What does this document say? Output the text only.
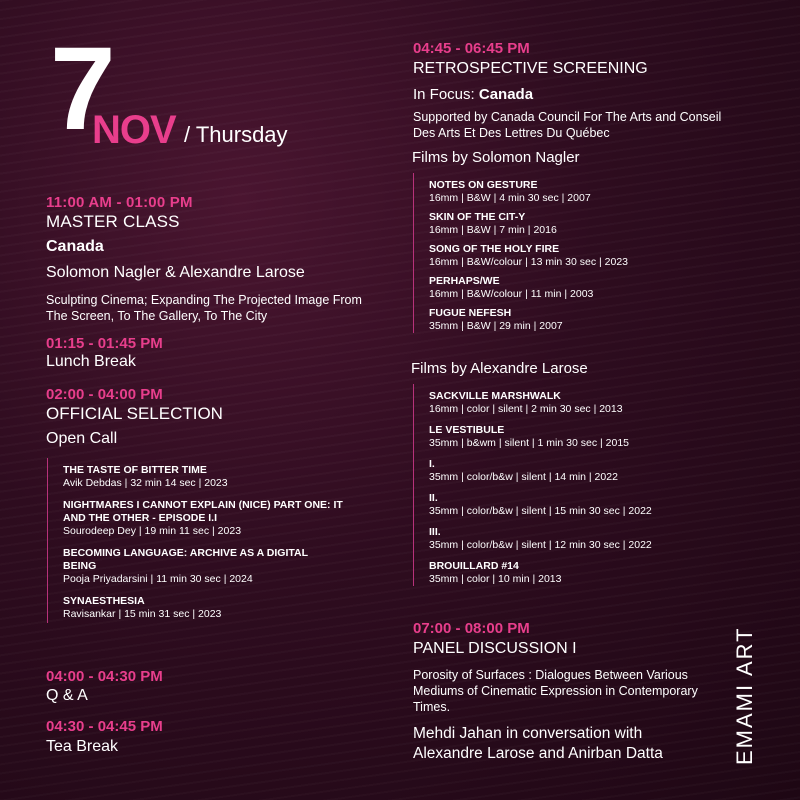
7
NOV / Thursday
11:00 AM - 01:00 PM
MASTER CLASS
Canada
Solomon Nagler & Alexandre Larose
Sculpting Cinema; Expanding The Projected Image From The Screen, To The Gallery, To The City
01:15 - 01:45 PM
Lunch Break
02:00 - 04:00 PM
OFFICIAL SELECTION
Open Call
THE TASTE OF BITTER TIME
Avik Debdas | 32 min 14 sec | 2023
NIGHTMARES I CANNOT EXPLAIN (NICE) PART ONE: IT AND THE OTHER - EPISODE I.I
Sourodeep Dey | 19 min 11 sec | 2023
BECOMING LANGUAGE: ARCHIVE AS A DIGITAL BEING
Pooja Priyadarsini | 11 min 30 sec | 2024
SYNAESTHESIA
Ravisankar | 15 min 31 sec | 2023
04:00 - 04:30 PM
Q & A
04:30 - 04:45 PM
Tea Break
04:45 - 06:45 PM
RETROSPECTIVE SCREENING
In Focus: Canada
Supported by Canada Council For The Arts and Conseil Des Arts Et Des Lettres Du Québec
Films by Solomon Nagler
NOTES ON GESTURE
16mm | B&W | 4 min 30 sec | 2007
SKIN OF THE CIT-Y
16mm | B&W | 7 min | 2016
SONG OF THE HOLY FIRE
16mm | B&W/colour | 13 min 30 sec | 2023
PERHAPS/WE
16mm | B&W/colour | 11 min | 2003
FUGUE NEFESH
35mm | B&W | 29 min | 2007
Films by Alexandre Larose
SACKVILLE MARSHWALK
16mm | color | silent | 2 min 30 sec | 2013
LE VESTIBULE
35mm | b&wm | silent | 1 min 30 sec | 2015
I.
35mm | color/b&w | silent | 14 min | 2022
II.
35mm | color/b&w | silent | 15 min 30 sec | 2022
III.
35mm | color/b&w | silent | 12 min 30 sec | 2022
BROUILLARD #14
35mm | color | 10 min | 2013
07:00 - 08:00 PM
PANEL DISCUSSION I
Porosity of Surfaces : Dialogues Between Various Mediums of Cinematic Expression in Contemporary Times.
Mehdi Jahan in conversation with Alexandre Larose and Anirban Datta	EMAMI ART
